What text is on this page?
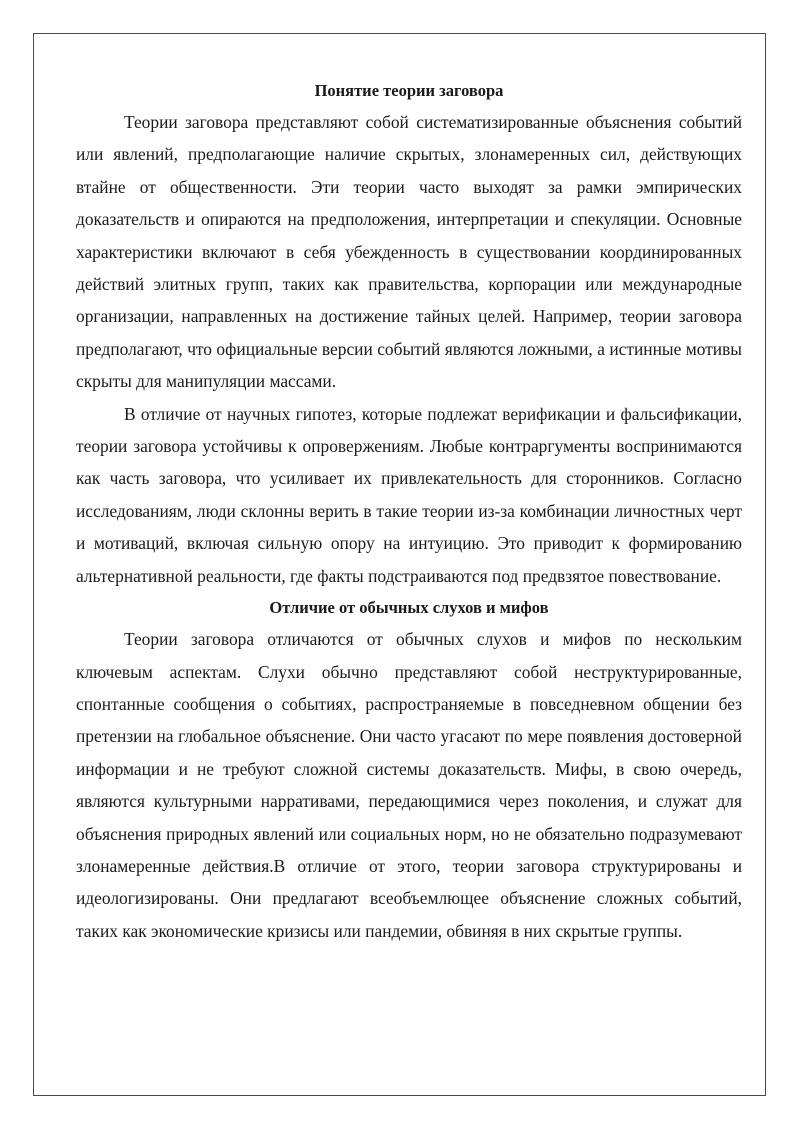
Понятие теории заговора

Теории заговора представляют собой систематизированные объяснения событий или явлений, предполагающие наличие скрытых, злонамеренных сил, действующих втайне от общественности. Эти теории часто выходят за рамки эмпирических доказательств и опираются на предположения, интерпретации и спекуляции. Основные характеристики включают в себя убежденность в существовании координированных действий элитных групп, таких как правительства, корпорации или международные организации, направленных на достижение тайных целей. Например, теории заговора предполагают, что официальные версии событий являются ложными, а истинные мотивы скрыты для манипуляции массами.

В отличие от научных гипотез, которые подлежат верификации и фальсификации, теории заговора устойчивы к опровержениям. Любые контраргументы воспринимаются как часть заговора, что усиливает их привлекательность для сторонников. Согласно исследованиям, люди склонны верить в такие теории из-за комбинации личностных черт и мотиваций, включая сильную опору на интуицию. Это приводит к формированию альтернативной реальности, где факты подстраиваются под предвзятое повествование.

Отличие от обычных слухов и мифов

Теории заговора отличаются от обычных слухов и мифов по нескольким ключевым аспектам. Слухи обычно представляют собой неструктурированные, спонтанные сообщения о событиях, распространяемые в повседневном общении без претензии на глобальное объяснение. Они часто угасают по мере появления достоверной информации и не требуют сложной системы доказательств. Мифы, в свою очередь, являются культурными нарративами, передающимися через поколения, и служат для объяснения природных явлений или социальных норм, но не обязательно подразумевают злонамеренные действия.В отличие от этого, теории заговора структурированы и идеологизированы. Они предлагают всеобъемлющее объяснение сложных событий, таких как экономические кризисы или пандемии, обвиняя в них скрытые группы.
